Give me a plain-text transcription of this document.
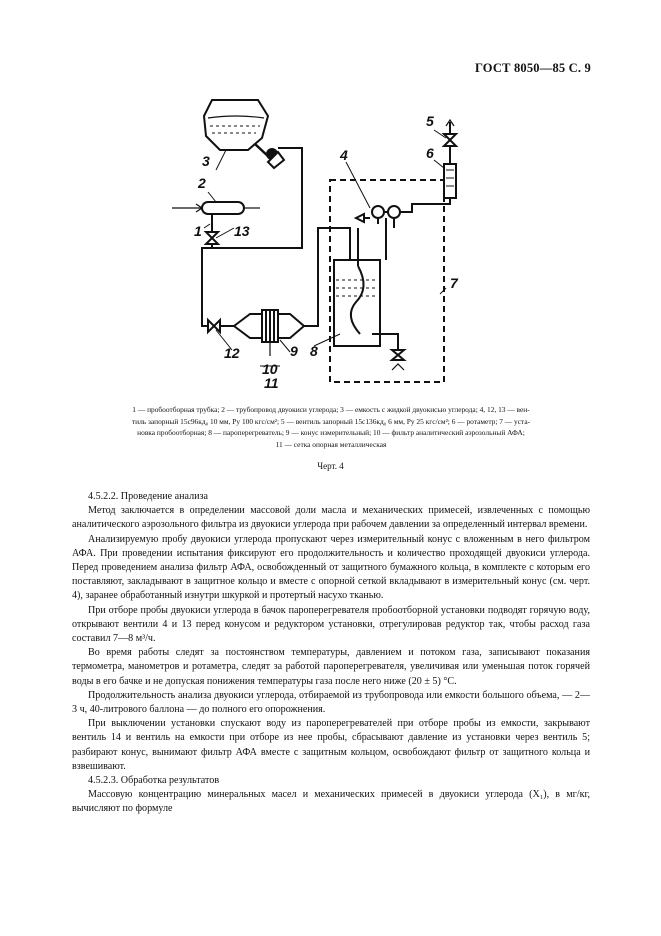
ГОСТ 8050—85 С. 9
1
2
3	4
5
6
7
8
9
10
11
12
13
1 — пробоотборная трубка; 2 — трубопровод двуокиси углерода; 3 — емкость с жидкой двуокисью углерода; 4, 12, 13 — вен-
тиль запорный 15с96кд₀ 10 мм, Pу 100 кгс/см²; 5 — вентиль запорный 15с136кд₀ 6 мм, Pу 25 кгс/см²; 6 — ротаметр; 7 — уста-
новка пробоотборная; 8 — пароперегреватель; 9 — конус измерительный; 10 — фильтр аналитический аэрозольный АФА;
11 — сетка опорная металлическая
Черт. 4

4.5.2.2. Проведение анализа

Метод заключается в определении массовой доли масла и механических примесей, извлеченных с помощью аналитического аэрозольного фильтра из двуокиси углерода при рабочем давлении за определенный интервал времени.

Анализируемую пробу двуокиси углерода пропускают через измерительный конус с вложенным в него фильтром АФА. При проведении испытания фиксируют его продолжительность и количество проходящей двуокиси углерода. Перед проведением анализа фильтр АФА, освобожденный от защитного бумажного кольца, в комплекте с которым его поставляют, закладывают в защитное кольцо и вместе с опорной сеткой вкладывают в измерительный конус (см. черт. 4), заранее обработанный изнутри шкуркой и протертый насухо тканью.

При отборе пробы двуокиси углерода в бачок пароперегревателя пробоотборной установки подводят горячую воду, открывают вентили 4 и 13 перед конусом и редуктором установки, отрегулировав редуктор так, чтобы расход газа составил 7—8 м³/ч.

Во время работы следят за постоянством температуры, давлением и потоком газа, записывают показания термометра, манометров и ротаметра, следят за работой пароперегревателя, увеличивая или уменьшая поток горячей воды в его бачке и не допуская понижения температуры газа после него ниже (20 ± 5) °С.

Продолжительность анализа двуокиси углерода, отбираемой из трубопровода или емкости большого объема, — 2—3 ч, 40-литрового баллона — до полного его опорожнения.

При выключении установки спускают воду из пароперегревателей при отборе пробы из емкости, закрывают вентиль 14 и вентиль на емкости при отборе из нее пробы, сбрасывают давление из установки через вентиль 5; разбирают конус, вынимают фильтр АФА вместе с защитным кольцом, освобождают фильтр от защитного кольца и взвешивают.

4.5.2.3. Обработка результатов

Массовую концентрацию минеральных масел и механических примесей в двуокиси углерода (X₁), в мг/кг, вычисляют по формуле
